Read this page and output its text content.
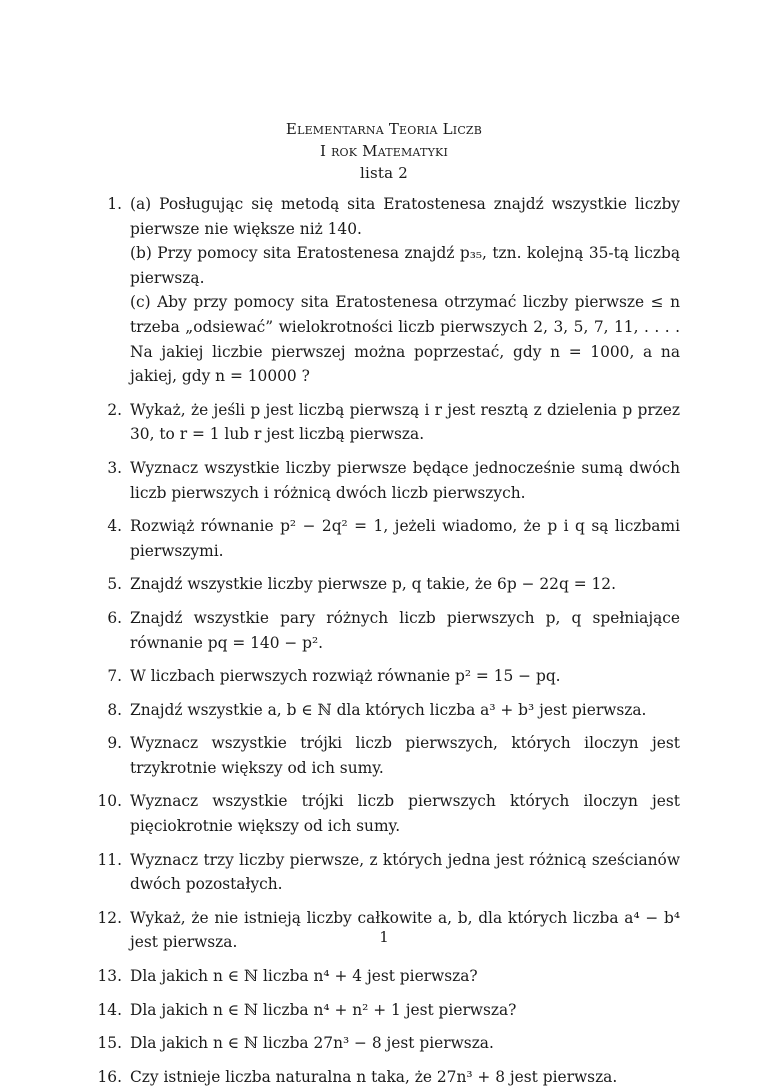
Elementarna Teoria Liczb
I rok Matematyki
lista 2
1. (a) Posługując się metodą sita Eratostenesa znajdź wszystkie liczby pierwsze nie większe niż 140.
(b) Przy pomocy sita Eratostenesa znajdź p₃₅, tzn. kolejną 35-tą liczbą pierwszą.
(c) Aby przy pomocy sita Eratostenesa otrzymać liczby pierwsze ≤ n trzeba „odsiewać” wielokrotności liczb pierwszych 2, 3, 5, 7, 11, . . . . Na jakiej liczbie pierwszej można poprzestać, gdy n = 1000, a na jakiej, gdy n = 10000 ?
2. Wykaż, że jeśli p jest liczbą pierwszą i r jest resztą z dzielenia p przez 30, to r = 1 lub r jest liczbą pierwsza.
3. Wyznacz wszystkie liczby pierwsze będące jednocześnie sumą dwóch liczb pierwszych i różnicą dwóch liczb pierwszych.
4. Rozwiąż równanie p² − 2q² = 1, jeżeli wiadomo, że p i q są liczbami pierwszymi.
5. Znajdź wszystkie liczby pierwsze p, q takie, że 6p − 22q = 12.
6. Znajdź wszystkie pary różnych liczb pierwszych p, q spełniające równanie pq = 140 − p².
7. W liczbach pierwszych rozwiąż równanie p² = 15 − pq.
8. Znajdź wszystkie a, b ∈ ℕ dla których liczba a³ + b³ jest pierwsza.
9. Wyznacz wszystkie trójki liczb pierwszych, których iloczyn jest trzykrotnie większy od ich sumy.
10. Wyznacz wszystkie trójki liczb pierwszych których iloczyn jest pięciokrotnie większy od ich sumy.
11. Wyznacz trzy liczby pierwsze, z których jedna jest różnicą sześcianów dwóch pozostałych.
12. Wykaż, że nie istnieją liczby całkowite a, b, dla których liczba a⁴ − b⁴ jest pierwsza.
13. Dla jakich n ∈ ℕ liczba n⁴ + 4 jest pierwsza?
14. Dla jakich n ∈ ℕ liczba n⁴ + n² + 1 jest pierwsza?
15. Dla jakich n ∈ ℕ liczba 27n³ − 8 jest pierwsza.
16. Czy istnieje liczba naturalna n taka, że 27n³ + 8 jest pierwsza.
1
